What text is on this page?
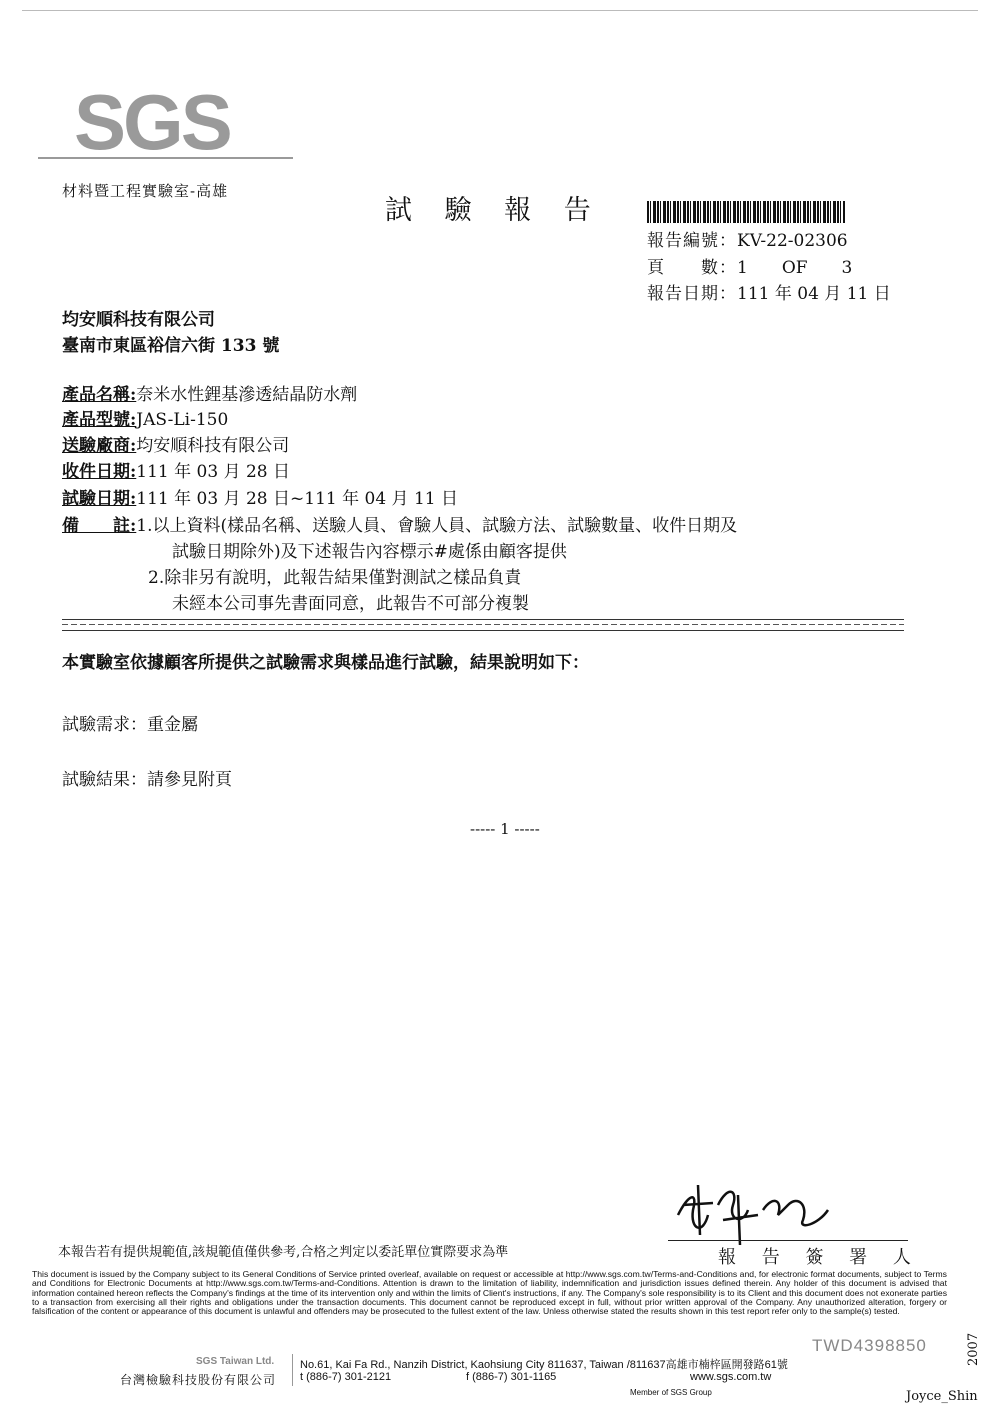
SGS
材料暨工程實驗室-高雄
試 驗 報 告
報告編號：KV-22-02306
頁　　數：1　　OF　　3
報告日期：111 年 04 月 11 日
均安順科技有限公司
臺南市東區裕信六街 133 號
產品名稱:奈米水性鋰基滲透結晶防水劑
產品型號:JAS-Li-150
送驗廠商:均安順科技有限公司
收件日期:111 年 03 月 28 日
試驗日期:111 年 03 月 28 日~111 年 04 月 11 日
備　　註:1.以上資料(樣品名稱、送驗人員、會驗人員、試驗方法、試驗數量、收件日期及
試驗日期除外)及下述報告內容標示#處係由顧客提供
2.除非另有說明，此報告結果僅對測試之樣品負責
未經本公司事先書面同意，此報告不可部分複製
本實驗室依據顧客所提供之試驗需求與樣品進行試驗，結果說明如下：
試驗需求：重金屬
試驗結果：請參見附頁
----- 1 -----
本報告若有提供規範值,該規範值僅供參考,合格之判定以委託單位實際要求為準	報 告 簽 署 人
This document is issued by the Company subject to its General Conditions of Service printed overleaf, available on request or accessible at http://www.sgs.com.tw/Terms-and-Conditions and, for electronic format documents, subject to Terms and Conditions for Electronic Documents at http://www.sgs.com.tw/Terms-and-Conditions. Attention is drawn to the limitation of liability, indemnification and jurisdiction issues defined therein. Any holder of this document is advised that information contained hereon reflects the Company's findings at the time of its intervention only and within the limits of Client's instructions, if any. The Company's sole responsibility is to its Client and this document does not exonerate parties to a transaction from exercising all their rights and obligations under the transaction documents. This document cannot be reproduced except in full, without prior written approval of the Company. Any unauthorized alteration, forgery or falsification of the content or appearance of this document is unlawful and offenders may be prosecuted to the fullest extent of the law. Unless otherwise stated the results shown in this test report refer only to the sample(s) tested.
TWD4398850	2007
SGS Taiwan Ltd.
台灣檢驗科技股份有限公司
No.61, Kai Fa Rd., Nanzih District, Kaohsiung City 811637, Taiwan /811637高雄市楠梓區開發路61號
t (886-7) 301-2121	f (886-7) 301-1165	www.sgs.com.tw
Member of SGS Group	Joyce_Shin
